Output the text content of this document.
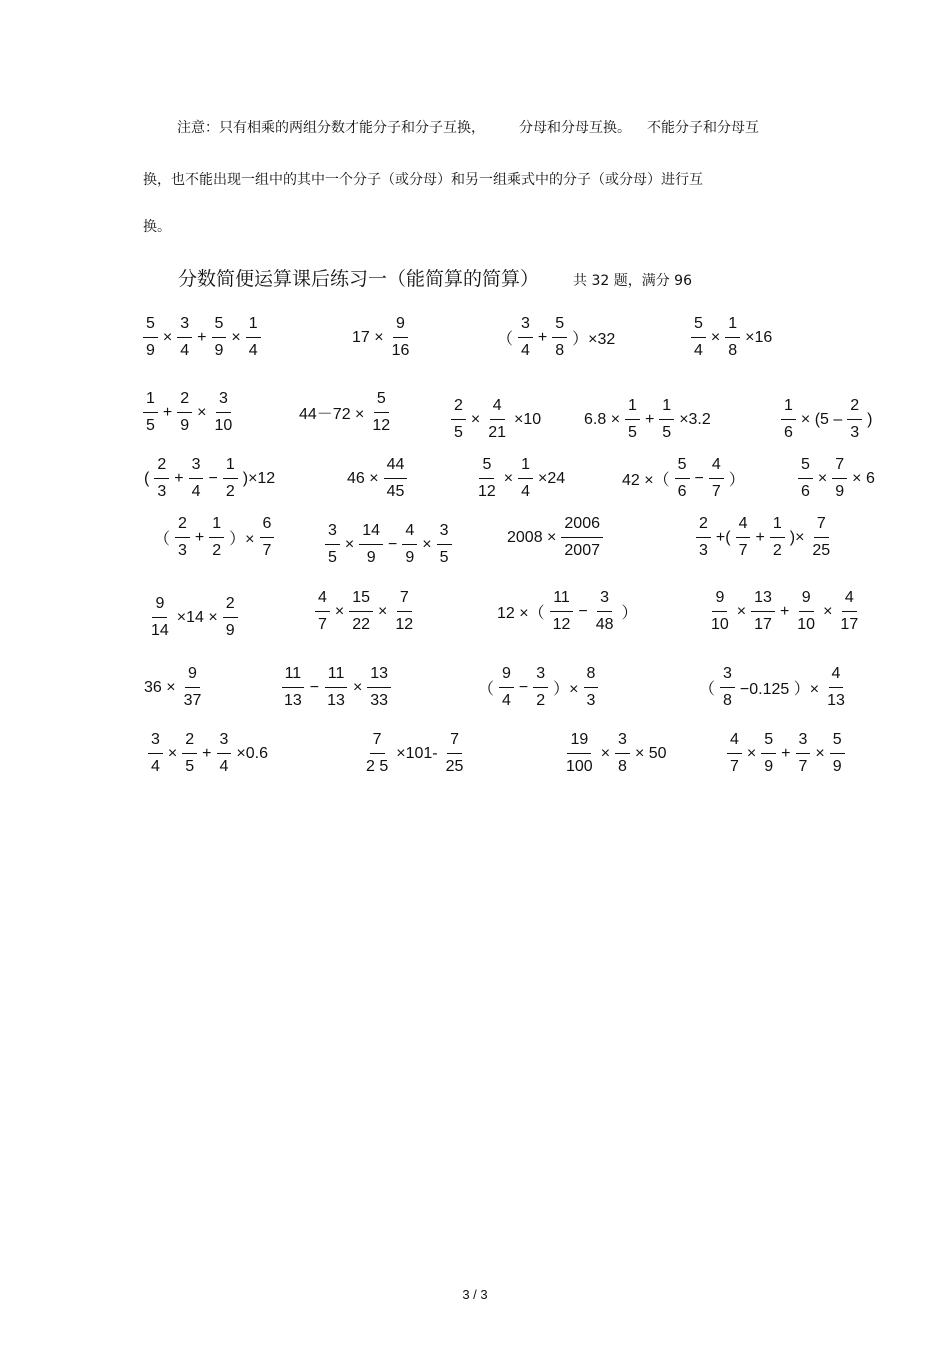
注意：只有相乘的两组分数才能分子和分子互换， 分母和分母互换。 不能分子和分母互
换，也不能出现一组中的其中一个分子（或分母）和另一组乘式中的分子（或分母）进行互
换。
分数简便运算课后练习一（能简算的简算） 共 32 题，满分 96
$\frac{5}{9} \times \frac{3}{4} + \frac{5}{9} \times \frac{1}{4}$	$17 \times \frac{9}{16}$	（ $\frac{3}{4} + \frac{5}{8} )\times 32$	$\frac{5}{4} \times \frac{1}{8} \times 16$
$\frac{1}{5} + \frac{2}{9} \times \frac{3}{10}$	$44-72 \times \frac{5}{12}$	$\frac{2}{5} \times \frac{4}{21} \times 10$	$6.8 \times \frac{1}{5} + \frac{1}{5} \times 3.2$	$\frac{1}{6} \times (5 - \frac{2}{3}$ )
( $\frac{2}{3} + \frac{3}{4} - \frac{1}{2} )\times 12$	$46 \times \frac{44}{45}$	$\frac{5}{12} \times \frac{1}{4} \times 24$	42 ×（ $\frac{5}{6} - \frac{4}{7}$ ）	$\frac{5}{6} \times \frac{7}{9} \times 6$
（ $\frac{2}{3} + \frac{1}{2}$ ）× $\frac{6}{7}$	$\frac{3}{5} \times \frac{14}{9} - \frac{4}{9} \times \frac{3}{5}$	$2008 \times \frac{2006}{2007}$	$\frac{2}{3}$ +( $\frac{4}{7} + \frac{1}{2}$ )× $\frac{7}{25}$
$\frac{9}{14} \times 14 \times \frac{2}{9}$	$\frac{4}{7} \times \frac{15}{22} \times \frac{7}{12}$	12 ×（ $\frac{11}{12} - \frac{3}{48}$ ）	$\frac{9}{10} \times \frac{13}{17} + \frac{9}{10} \times \frac{4}{17}$
$36 \times \frac{9}{37}$	$\frac{11}{13} - \frac{11}{13} \times \frac{13}{33}$	（ $\frac{9}{4} - \frac{3}{2}$ ）× $\frac{8}{3}$	（ $\frac{3}{8} -0.125$ ）× $\frac{4}{13}$
$\frac{3}{4} \times \frac{2}{5} + \frac{3}{4} \times 0.6$	$\frac{7}{2 5} \times 101- \frac{7}{25}$	$\frac{19}{100} \times \frac{3}{8} \times 50$	$\frac{4}{7} \times \frac{5}{9} + \frac{3}{7} \times \frac{5}{9}$
3 / 3
